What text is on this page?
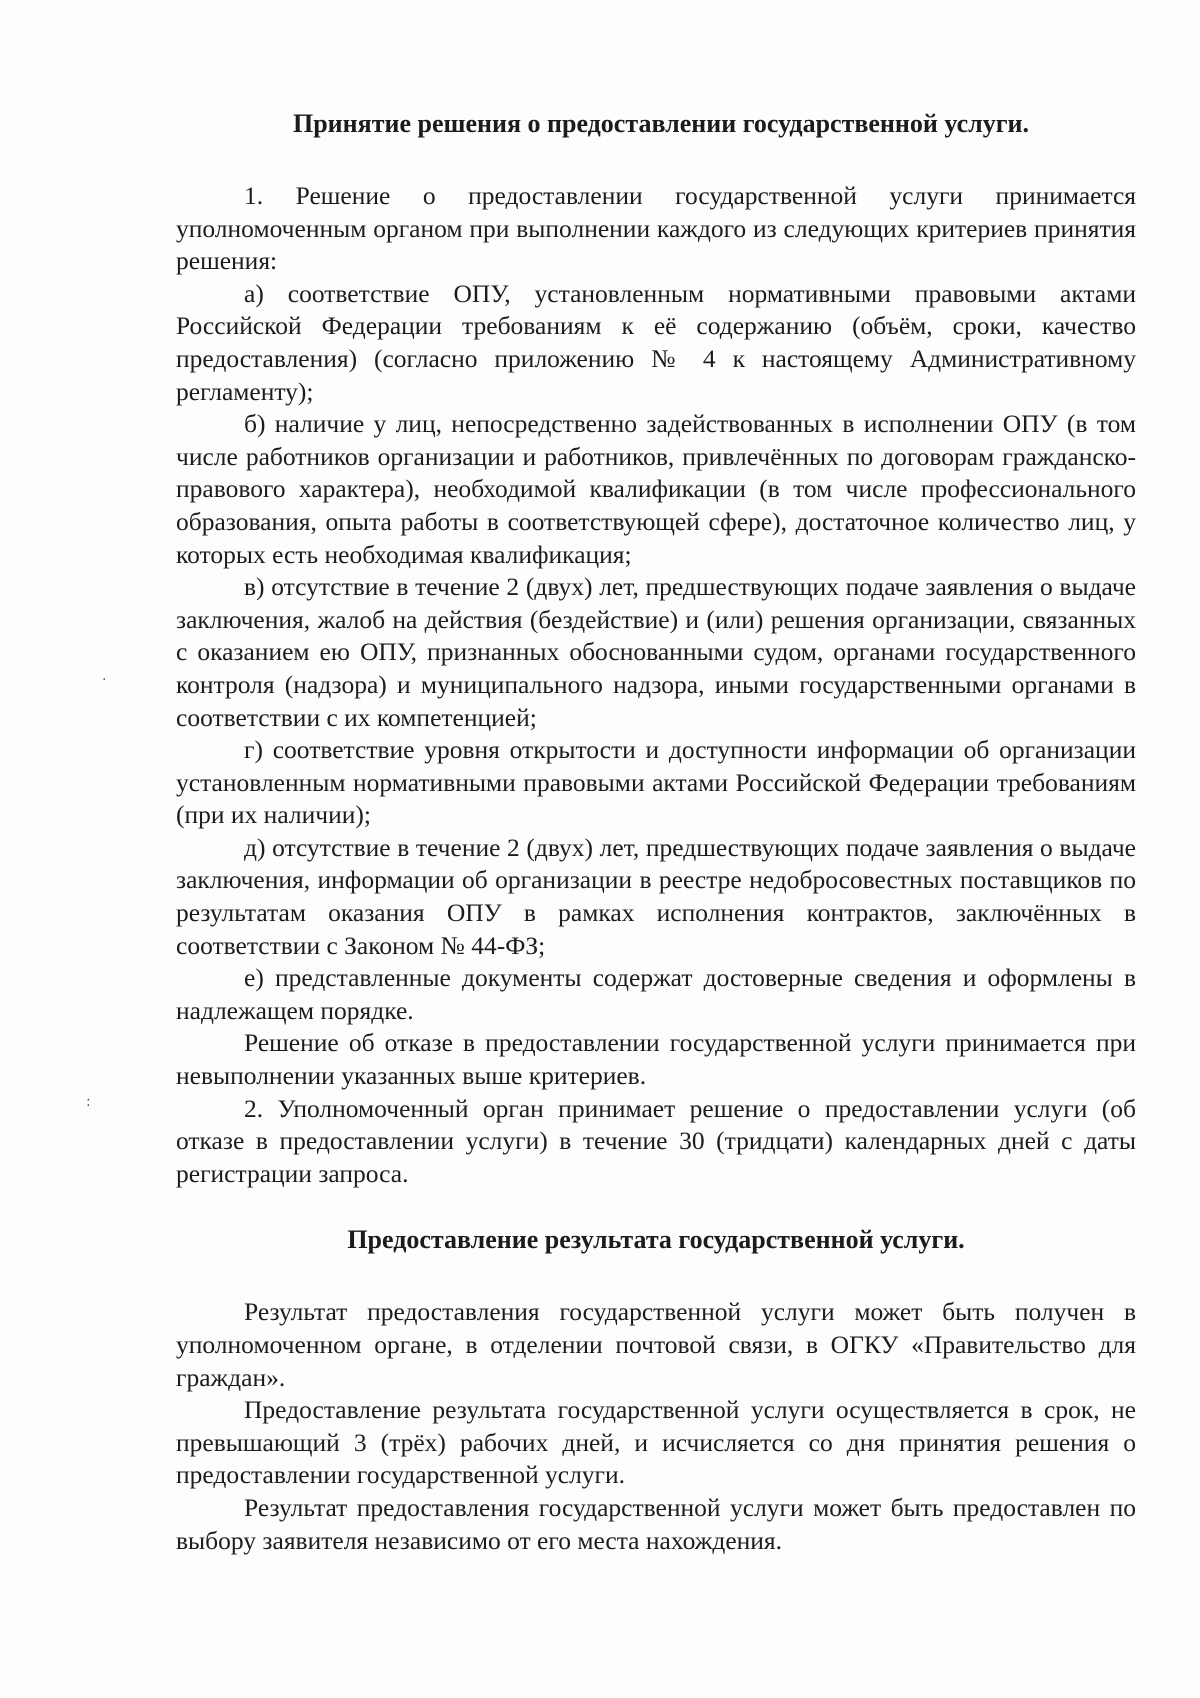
·
:
Принятие решения о предоставлении государственной услуги.

1. Решение о предоставлении государственной услуги принимается уполномоченным органом при выполнении каждого из следующих критериев принятия решения:

а) соответствие ОПУ, установленным нормативными правовыми актами Российской Федерации требованиям к её содержанию (объём, сроки, качество предоставления) (согласно приложению № 4 к настоящему Административному регламенту);

б) наличие у лиц, непосредственно задействованных в исполнении ОПУ (в том числе работников организации и работников, привлечённых по договорам гражданско-правового характера), необходимой квалификации (в том числе профессионального образования, опыта работы в соответствующей сфере), достаточное количество лиц, у которых есть необходимая квалификация;

в) отсутствие в течение 2 (двух) лет, предшествующих подаче заявления о выдаче заключения, жалоб на действия (бездействие) и (или) решения организации, связанных с оказанием ею ОПУ, признанных обоснованными судом, органами государственного контроля (надзора) и муниципального надзора, иными государственными органами в соответствии с их компетенцией;

г) соответствие уровня открытости и доступности информации об организации установленным нормативными правовыми актами Российской Федерации требованиям (при их наличии);

д) отсутствие в течение 2 (двух) лет, предшествующих подаче заявления о выдаче заключения, информации об организации в реестре недобросовестных поставщиков по результатам оказания ОПУ в рамках исполнения контрактов, заключённых в соответствии с Законом № 44-ФЗ;

е) представленные документы содержат достоверные сведения и оформлены в надлежащем порядке.

Решение об отказе в предоставлении государственной услуги принимается при невыполнении указанных выше критериев.

2. Уполномоченный орган принимает решение о предоставлении услуги (об отказе в предоставлении услуги) в течение 30 (тридцати) календарных дней с даты регистрации запроса.

Предоставление результата государственной услуги.

Результат предоставления государственной услуги может быть получен в уполномоченном органе, в отделении почтовой связи, в ОГКУ «Правительство для граждан».

Предоставление результата государственной услуги осуществляется в срок, не превышающий 3 (трёх) рабочих дней, и исчисляется со дня принятия решения о предоставлении государственной услуги.

Результат предоставления государственной услуги может быть предоставлен по выбору заявителя независимо от его места нахождения.
